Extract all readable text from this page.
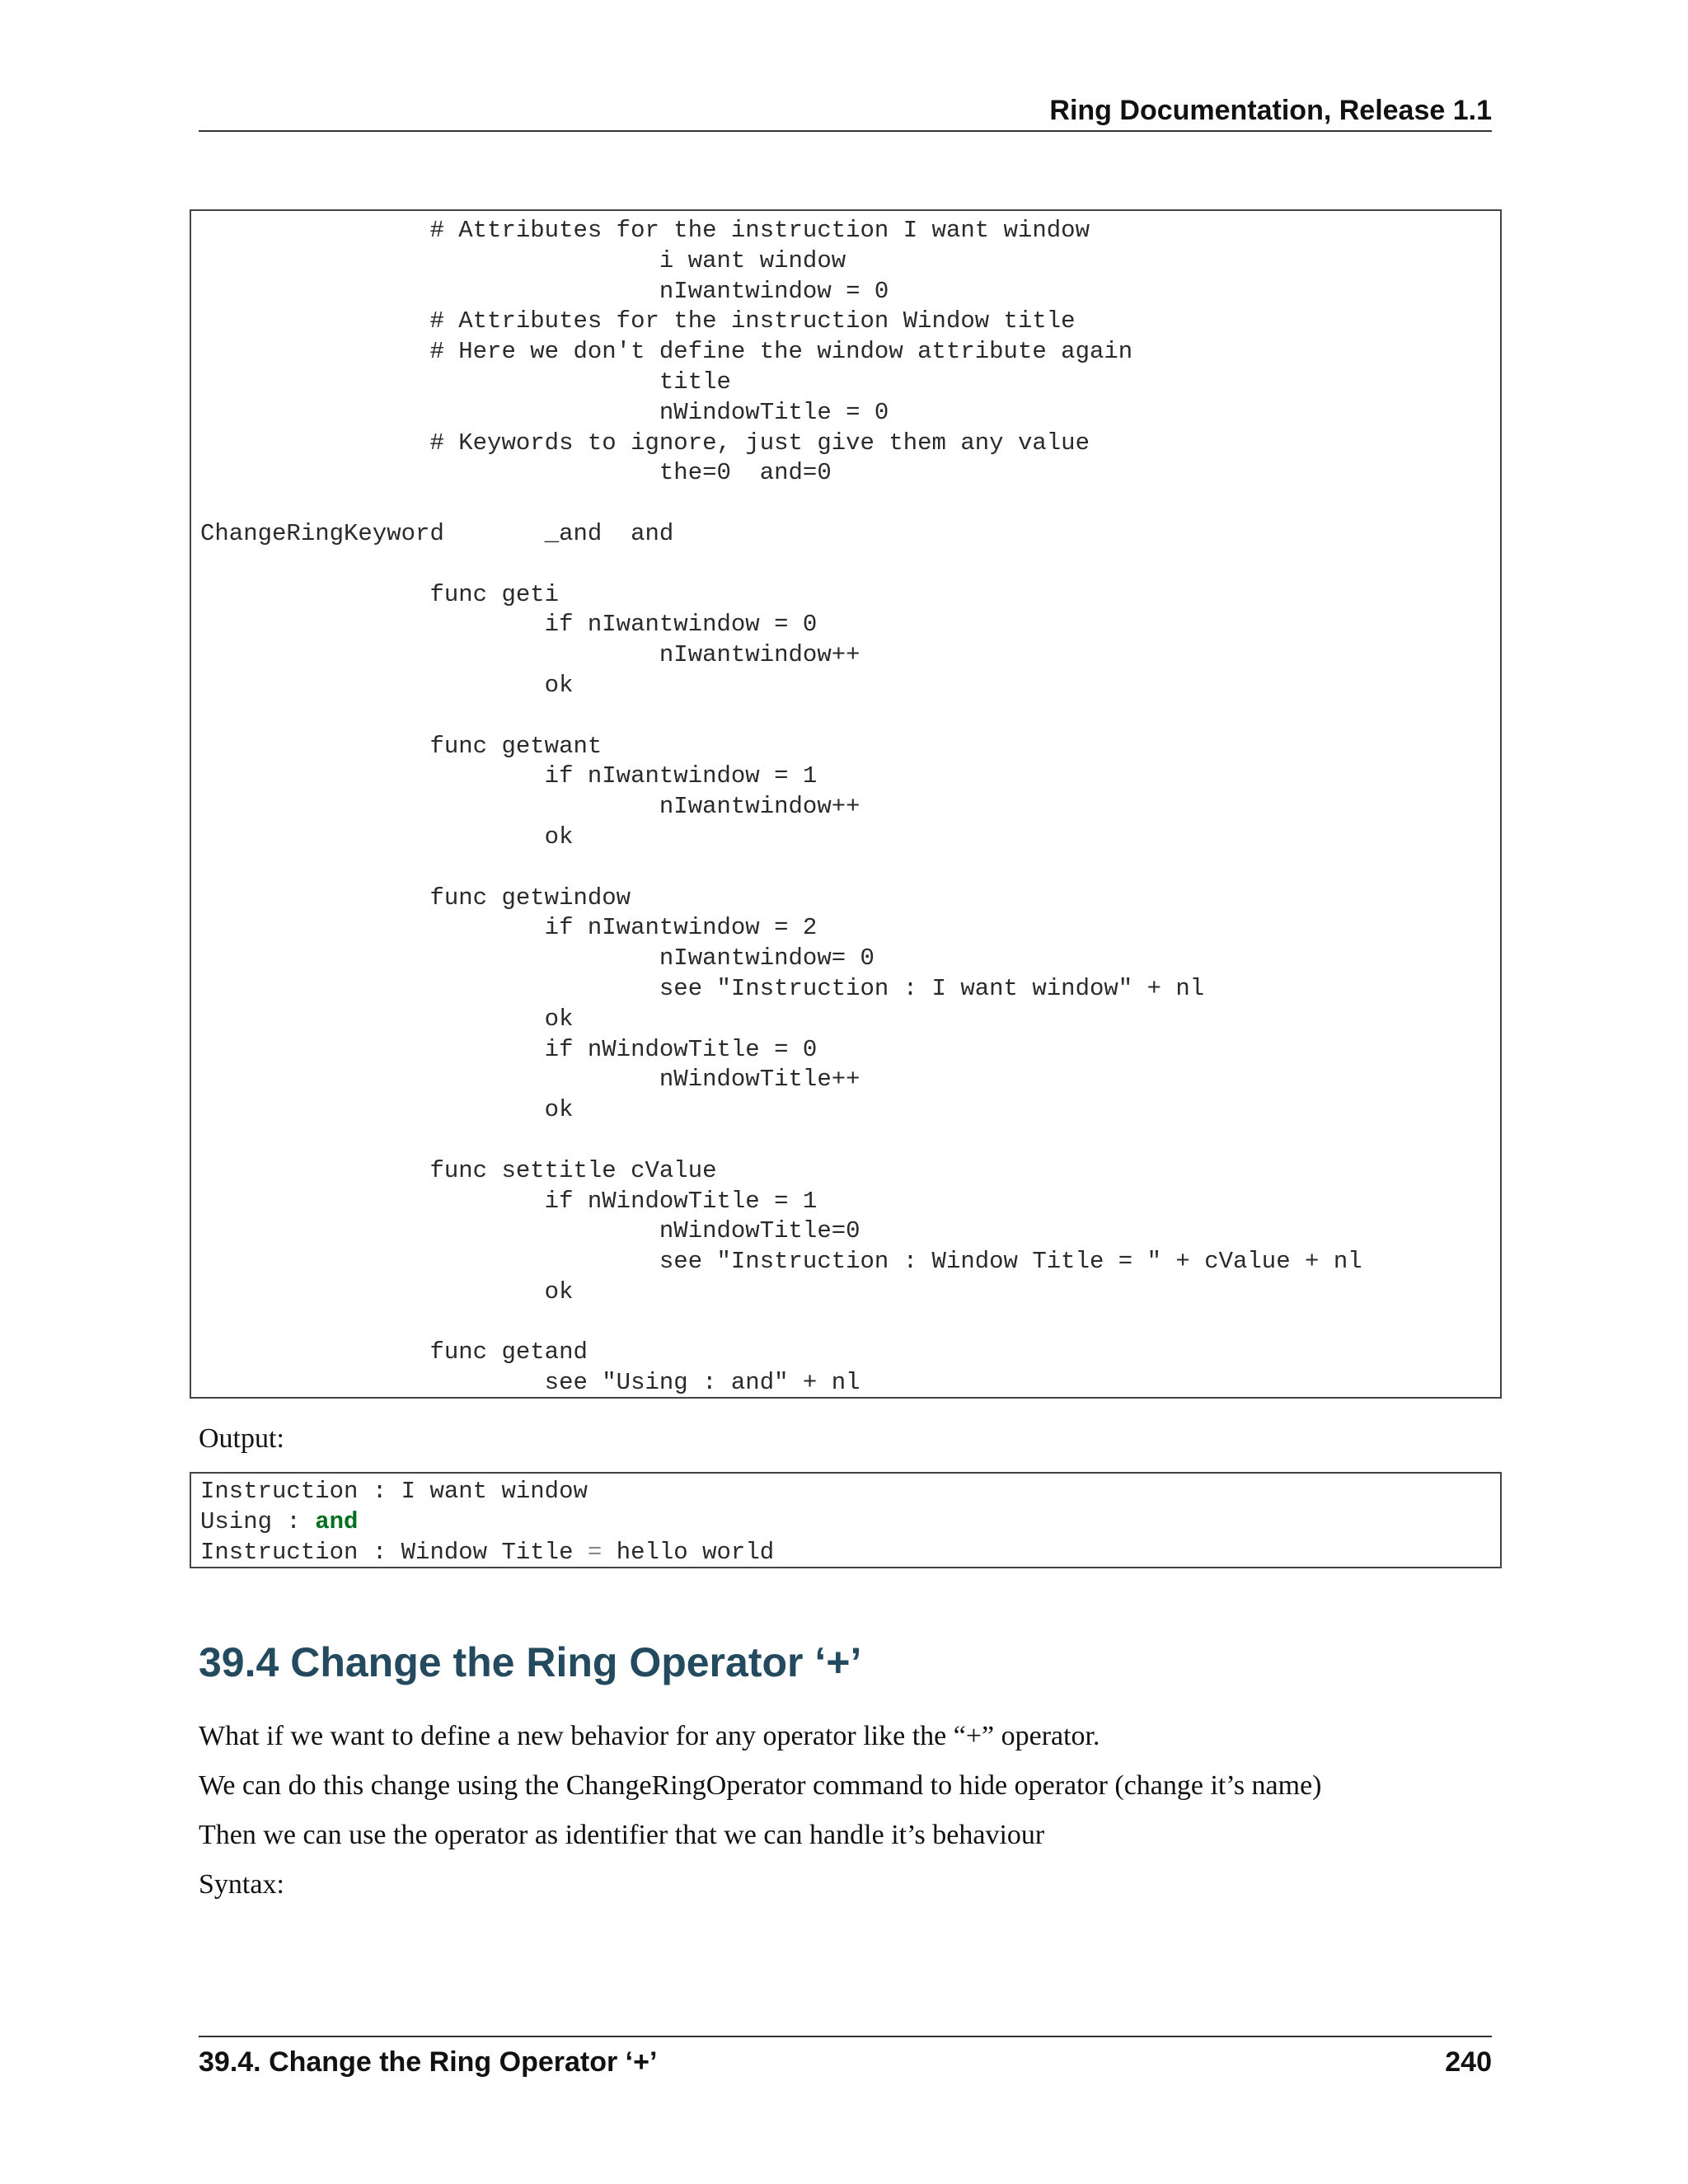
Ring Documentation, Release 1.1
# Attributes for the instruction I want window
i want window
nIwantwindow = 0
# Attributes for the instruction Window title
# Here we don't define the window attribute again
title
nWindowTitle = 0
# Keywords to ignore, just give them any value
the=0  and=0

ChangeRingKeyword       _and  and

func geti
if nIwantwindow = 0
nIwantwindow++
ok

func getwant
if nIwantwindow = 1
nIwantwindow++
ok

func getwindow
if nIwantwindow = 2
nIwantwindow= 0
see "Instruction : I want window" + nl
ok
if nWindowTitle = 0
nWindowTitle++
ok

func settitle cValue
if nWindowTitle = 1
nWindowTitle=0
see "Instruction : Window Title = " + cValue + nl
ok

func getand
see "Using : and" + nl
Output:
Instruction : I want window
Using : and
Instruction : Window Title = hello world
39.4 Change the Ring Operator ‘+’

What if we want to define a new behavior for any operator like the “+” operator.

We can do this change using the ChangeRingOperator command to hide operator (change it’s name)

Then we can use the operator as identifier that we can handle it’s behaviour

Syntax:

39.4. Change the Ring Operator ‘+’	240
